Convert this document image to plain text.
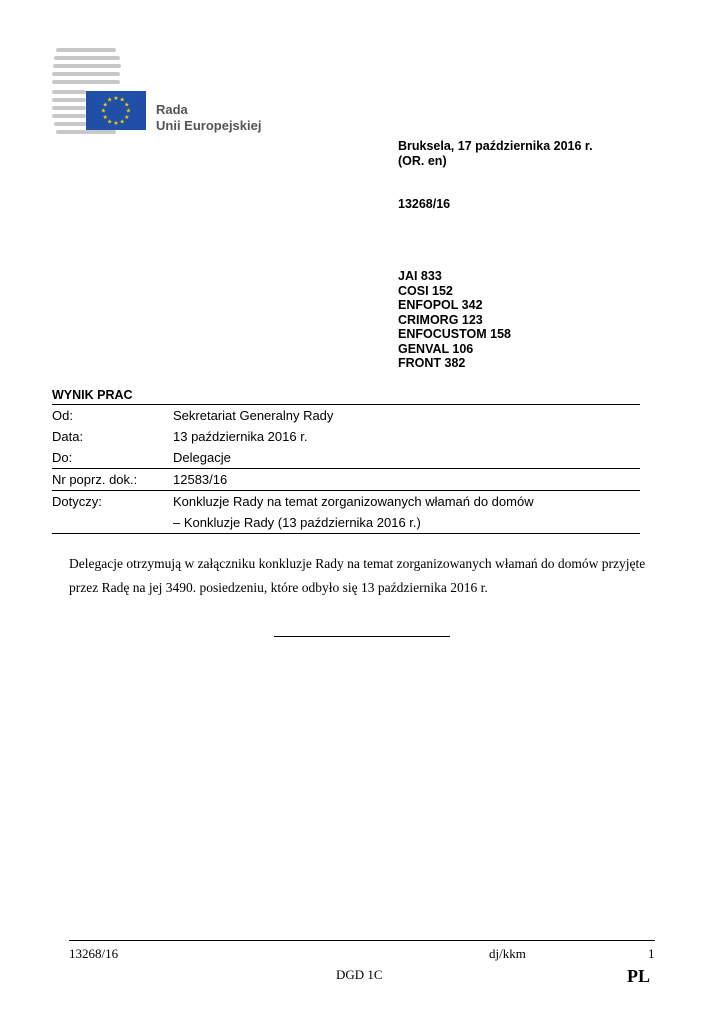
★ ★
★
★
★
★
★
★
★
★
★
★
Rada
Unii Europejskiej
Bruksela, 17 października 2016 r.
(OR. en)
13268/16
JAI 833
COSI 152
ENFOPOL 342
CRIMORG 123
ENFOCUSTOM 158
GENVAL 106
FRONT 382
WYNIK PRAC
Od:	Sekretariat Generalny Rady
Data:	13 października 2016 r.
Do:	Delegacje
Nr poprz. dok.:	12583/16
Dotyczy:	Konkluzje Rady na temat zorganizowanych włamań do domów
– Konkluzje Rady (13 października 2016 r.)
Delegacje otrzymują w załączniku konkluzje Rady na temat zorganizowanych włamań do domów przyjęte przez Radę na jej 3490. posiedzeniu, które odbyło się 13 października 2016 r.
13268/16	dj/kkm	1
DGD 1C	PL
